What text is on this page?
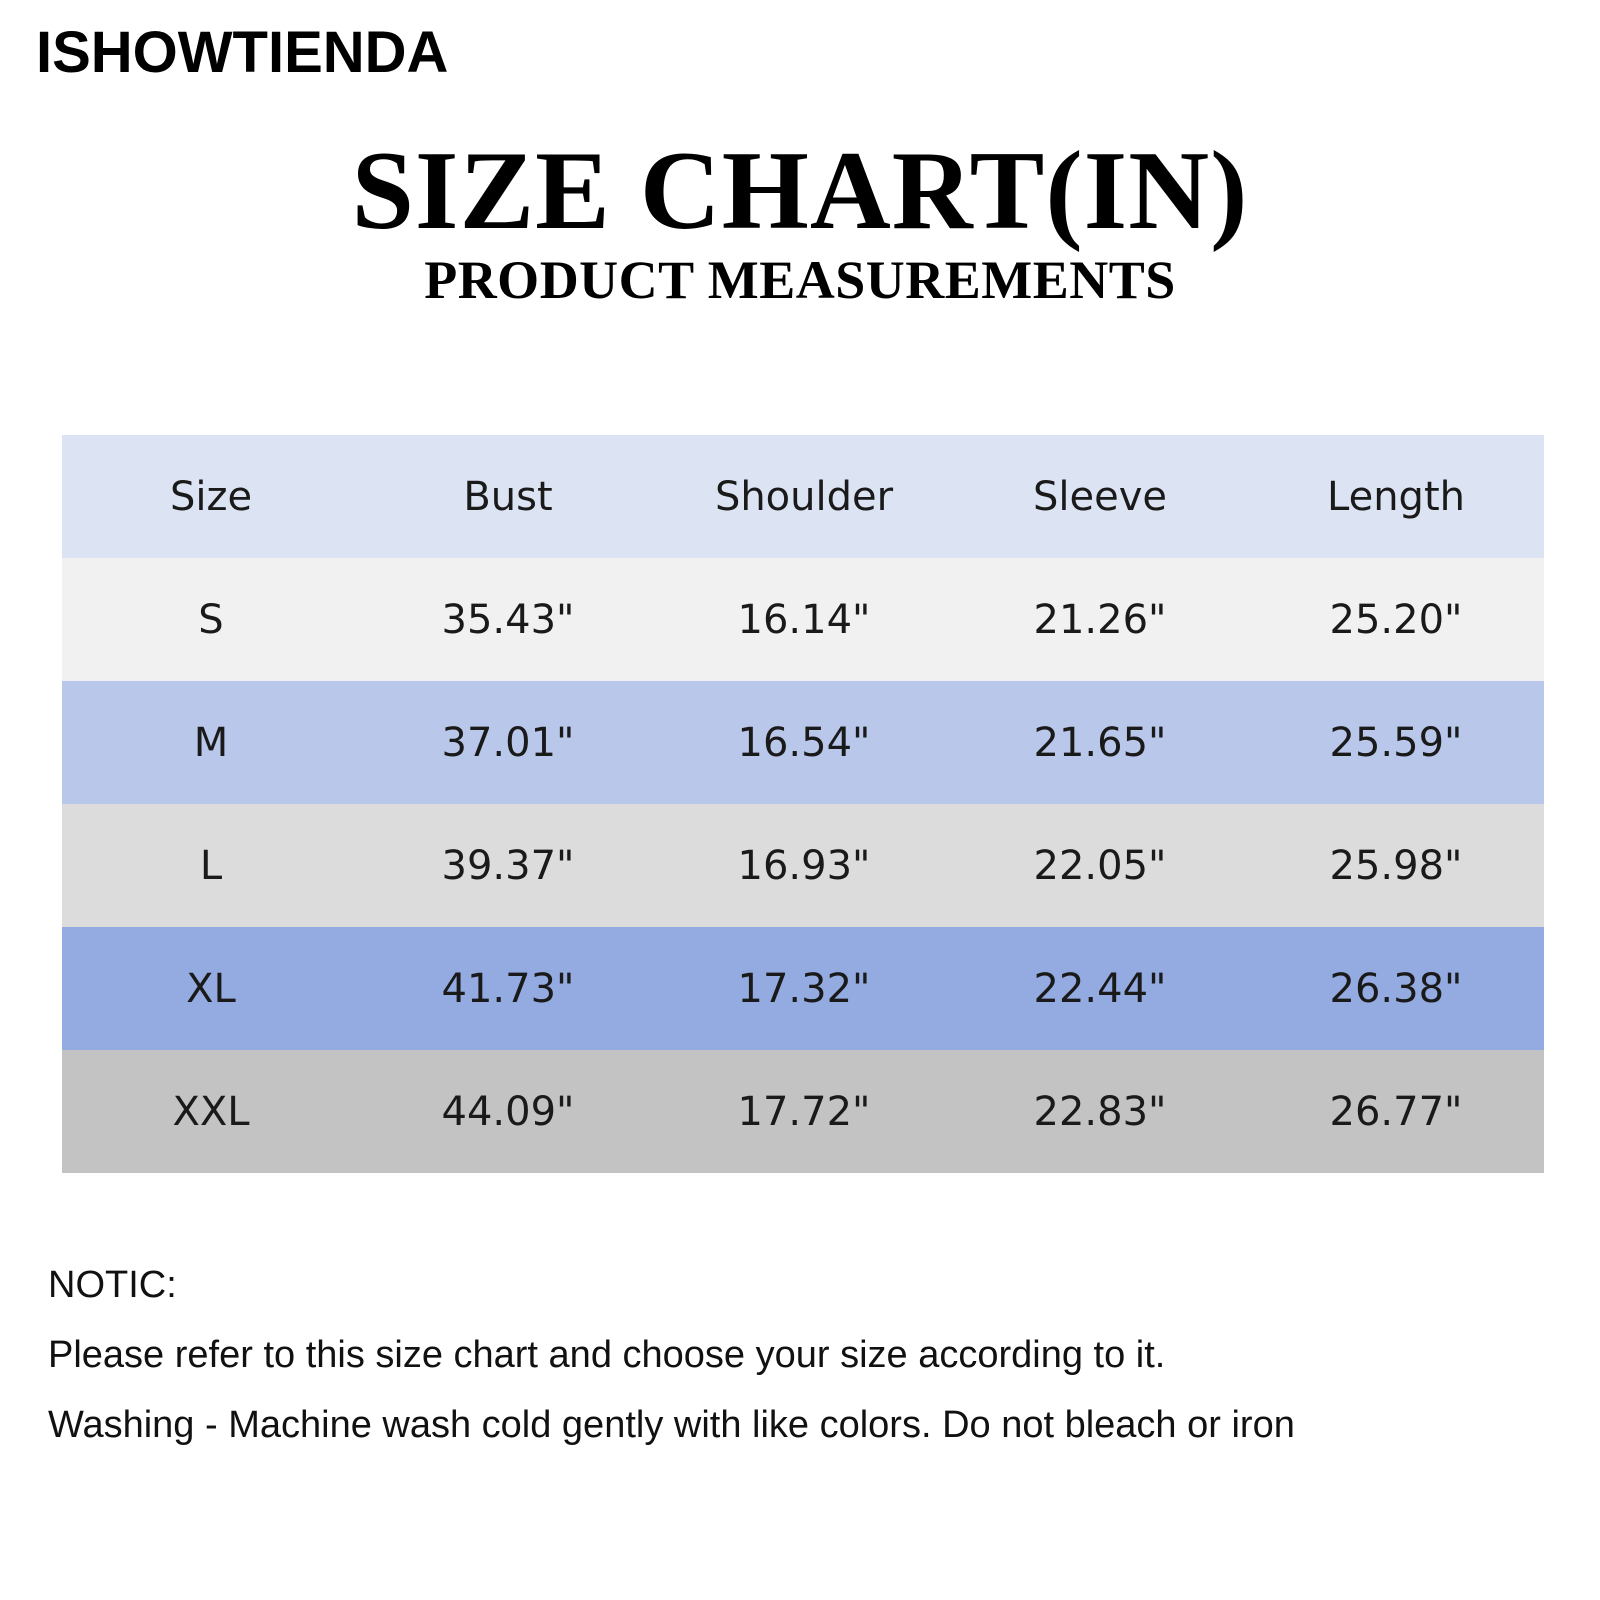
ISHOWTIENDA
SIZE CHART(IN)
PRODUCT MEASUREMENTS
Size	Bust	Shoulder	Sleeve	Length
S	35.43"	16.14"	21.26"	25.20"
M	37.01"	16.54"	21.65"	25.59"
L	39.37"	16.93"	22.05"	25.98"
XL	41.73"	17.32"	22.44"	26.38"
XXL	44.09"	17.72"	22.83"	26.77"
NOTIC:
Please refer to this size chart and choose your size according to it.
Washing - Machine wash cold gently with like colors. Do not bleach or iron
